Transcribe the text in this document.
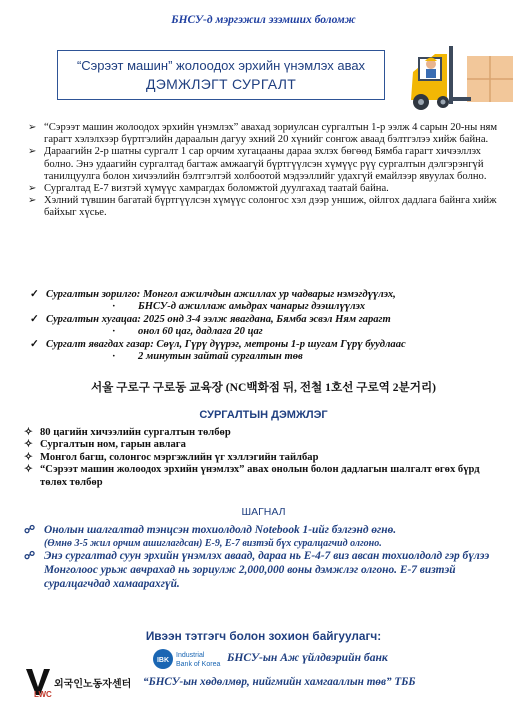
БНСУ-д мэргэжил эзэмших боломж
“Сэрээт машин” жолоодох эрхийн үнэмлэх авах
ДЭМЖЛЭГТ СУРГАЛТ
➢ “Сэрээт машин жолоодох эрхийн үнэмлэх” авахад зориулсан сургалтын 1-р ээлж 4 сарын 20-ны ням гарагт хэлэлхээр бүртгэлийн дараалын дагуу эхний 20 хүнийг сонгож аваад бэлтгэлээ хийж байна.
➢ Дараагийн 2-р шатны сургалт 1 сар орчим хугацааны дараа эхлэх бөгөөд Бямба гарагт хичээллэх болно. Энэ удаагийн сургалтад багтаж амжаагүй бүртгүүлсэн хүмүүс рүү сургалтын дэлгэрэнгүй танилцуулга болон хичээлийн бэлтгэлтэй холбоотой мэдээллийг удахгүй емайлээр явуулах болно.
➢ Сургалтад Е-7 визтэй хүмүүс хамрагдах боломжтой дуулгахад таатай байна.
➢ Хэлний түвшин багатай бүртгүүлсэн хүмүүс солонгос хэл дээр уншиж, ойлгох дадлага байнга хийж байхыг хүсье.
✓ Сургалтын зорилго: Монгол ажилчдын ажиллах ур чадварыг нэмэгдүүлэх,
· БНСУ-д ажиллаж амьдрах чанарыг дээшлүүлэх
✓ Сургалтын хугацаа: 2025 онд 3-4 ээлж явагдана, Бямба эсвэл Ням гарагт
· онол 60 цаг, дадлага 20 цаг
✓ Сургалт явагдах газар: Сөүл, Гүрү дүүрэг, метроны 1-р шугам Гүрү буудлаас
· 2 минутын зайтай сургалтын төв
서울 구로구 구로동 교육장 (NC백화점 뒤, 전철 1호선 구로역 2분거리)
СУРГАЛТЫН ДЭМЖЛЭГ
✧ 80 цагийн хичээлийн сургалтын төлбөр
✧ Сургалтын ном, гарын авлага
✧ Монгол багш, солонгос мэргэжлийн үг хэллэгийн тайлбар
✧ “Сэрээт машин жолоодох эрхийн үнэмлэх” авах онолын болон дадлагын шалгалт өгөх бүрд төлөх төлбөр
ШАГНАЛ
☍ Онолын шалгалтад тэнцсэн тохиолдолд Notebook 1-ийг бэлгэнд өгнө.
(Өмнө 3-5 жил орчим ашиглагдсан) Е-9, Е-7 визтэй бүх суралцагчид олгоно.
☍ Энэ сургалтад суун эрхийн үнэмлэх аваад, дараа нь Е-4-7 виз авсан тохиолдолд гэр бүлээ Монголоос урьж авчрахад нь зориулж 2,000,000 воны дэмжлэг олгоно. Е-7 визтэй суралцагчдад хамаарахгүй.
Ивээн тэтгэгч болон зохион байгуулагч:
IBK
Industrial
Bank of Korea
БНСУ-ын Аж үйлдвэрийн банк
LWC
외국인노동자센터 “БНСУ-ын хөдөлмөр, нийгмийн хамгааллын төв” ТББ
